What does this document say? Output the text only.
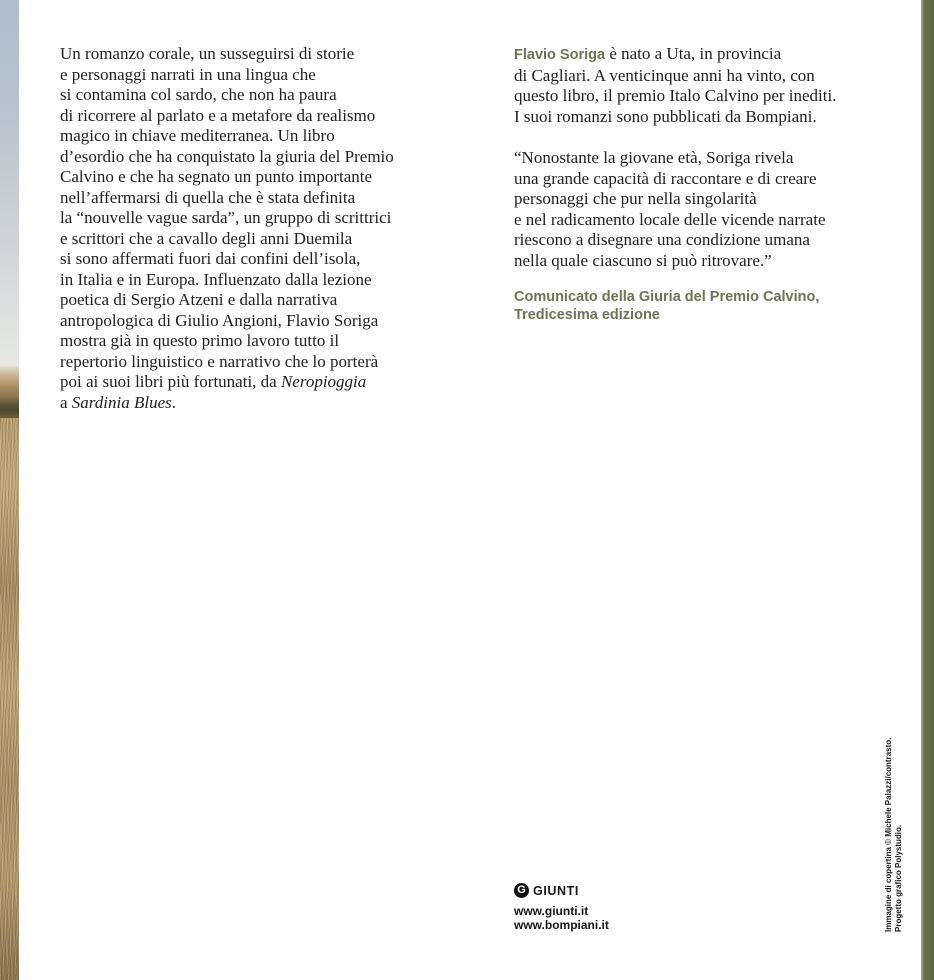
Un romanzo corale, un susseguirsi di storie
e personaggi narrati in una lingua che
si contamina col sardo, che non ha paura
di ricorrere al parlato e a metafore da realismo
magico in chiave mediterranea. Un libro
d’esordio che ha conquistato la giuria del Premio
Calvino e che ha segnato un punto importante
nell’affermarsi di quella che è stata definita
la “nouvelle vague sarda”, un gruppo di scrittrici
e scrittori che a cavallo degli anni Duemila
si sono affermati fuori dai confini dell’isola,
in Italia e in Europa. Influenzato dalla lezione
poetica di Sergio Atzeni e dalla narrativa
antropologica di Giulio Angioni, Flavio Soriga
mostra già in questo primo lavoro tutto il
repertorio linguistico e narrativo che lo porterà
poi ai suoi libri più fortunati, da Neropioggia
a Sardinia Blues.
Flavio Soriga è nato a Uta, in provincia
di Cagliari. A venticinque anni ha vinto, con
questo libro, il premio Italo Calvino per inediti.
I suoi romanzi sono pubblicati da Bompiani.
“Nonostante la giovane età, Soriga rivela
una grande capacità di raccontare e di creare
personaggi che pur nella singolarità
e nel radicamento locale delle vicende narrate
riescono a disegnare una condizione umana
nella quale ciascuno si può ritrovare.”
Comunicato della Giuria del Premio Calvino,
Tredicesima edizione
G GIUNTI
www.giunti.it
www.bompiani.it	Immagine di copertina © Michele Palazzi/contrasto. Progetto grafico Polystudio.
